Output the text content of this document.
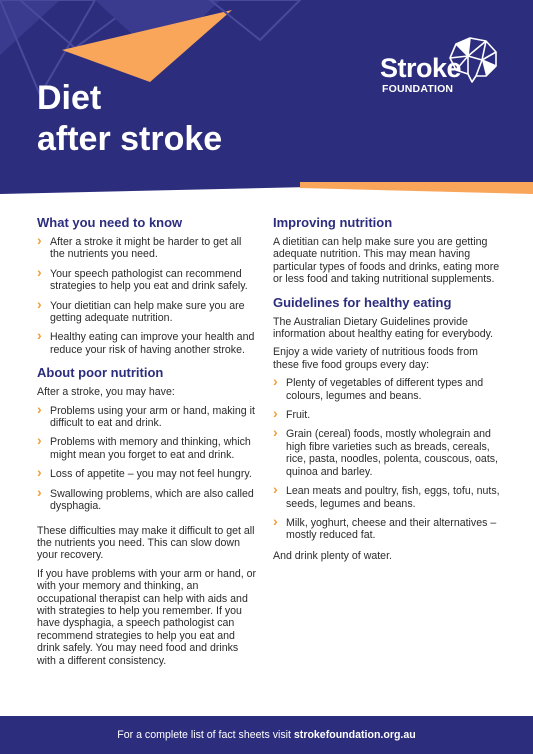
Diet
after stroke
Stroke
FOUNDATION
What you need to know
› After a stroke it might be harder to get all the nutrients you need.
› Your speech pathologist can recommend strategies to help you eat and drink safely.
› Your dietitian can help make sure you are getting adequate nutrition.
› Healthy eating can improve your health and reduce your risk of having another stroke.
About poor nutrition

After a stroke, you may have:

› Problems using your arm or hand, making it difficult to eat and drink.
› Problems with memory and thinking, which might mean you forget to eat and drink.
› Loss of appetite – you may not feel hungry.
› Swallowing problems, which are also called dysphagia.

These difficulties may make it difficult to get all the nutrients you need. This can slow down your recovery.

If you have problems with your arm or hand, or with your memory and thinking, an occupational therapist can help with aids and with strategies to help you remember. If you have dysphagia, a speech pathologist can recommend strategies to help you eat and drink safely. You may need food and drinks with a different consistency.

Improving nutrition

A dietitian can help make sure you are getting adequate nutrition. This may mean having particular types of foods and drinks, eating more or less food and taking nutritional supplements.

Guidelines for healthy eating

The Australian Dietary Guidelines provide information about healthy eating for everybody.

Enjoy a wide variety of nutritious foods from these five food groups every day:

› Plenty of vegetables of different types and colours, legumes and beans.
› Fruit.
› Grain (cereal) foods, mostly wholegrain and high fibre varieties such as breads, cereals, rice, pasta, noodles, polenta, couscous, oats, quinoa and barley.
› Lean meats and poultry, fish, eggs, tofu, nuts, seeds, legumes and beans.
› Milk, yoghurt, cheese and their alternatives – mostly reduced fat.

And drink plenty of water.

For a complete list of fact sheets visit strokefoundation.org.au
